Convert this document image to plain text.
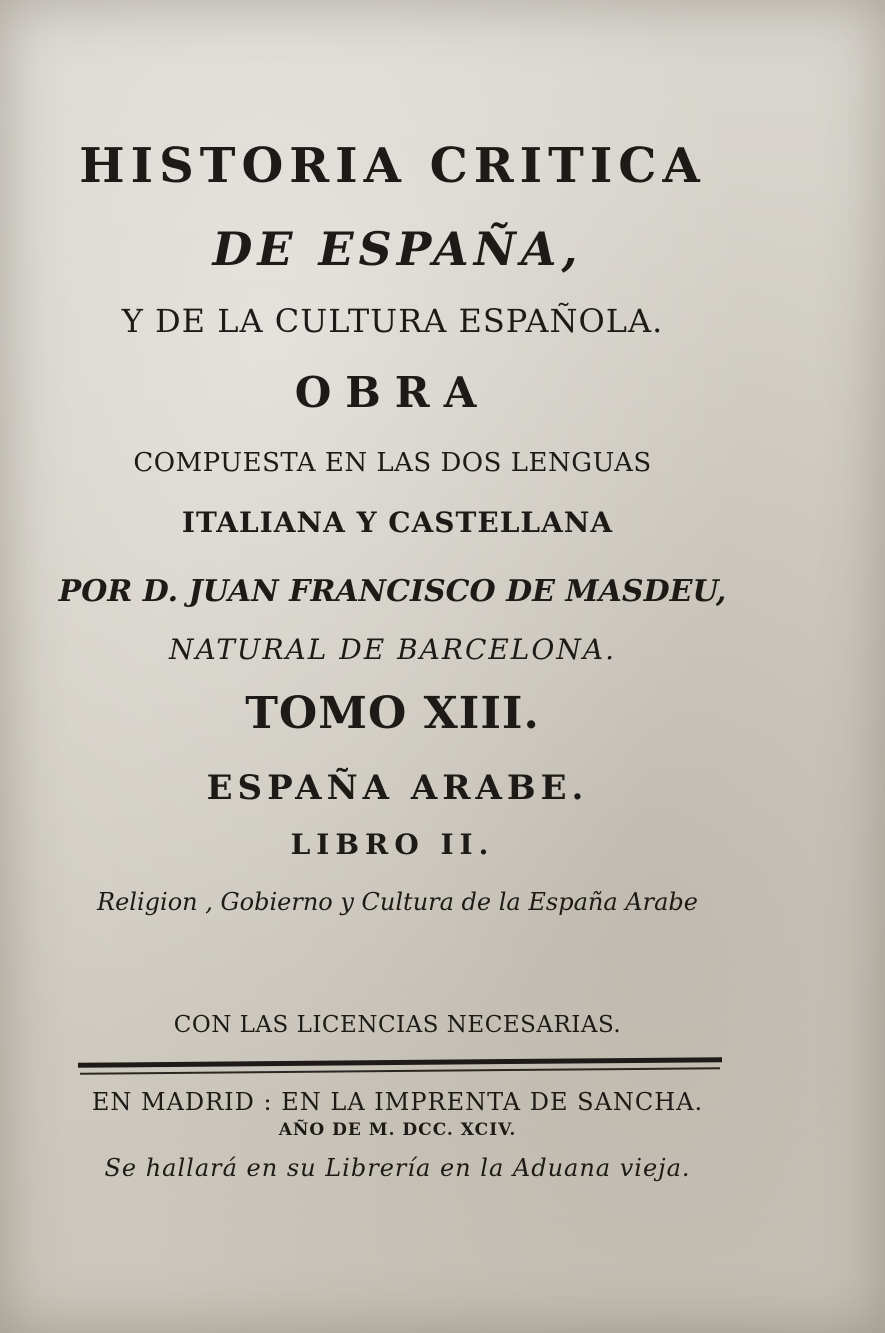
HISTORIA CRITICA
DE ESPAÑA,
Y DE LA CULTURA ESPAÑOLA.
OBRA
COMPUESTA EN LAS DOS LENGUAS
ITALIANA Y CASTELLANA
POR D. JUAN FRANCISCO DE MASDEU,
NATURAL DE BARCELONA.
TOMO XIII.
ESPAÑA ARABE.
LIBRO II.
Religion , Gobierno y Cultura de la España Arabe
CON LAS LICENCIAS NECESARIAS.
EN MADRID : EN LA IMPRENTA DE SANCHA.
AÑO DE M. DCC. XCIV.
Se hallará en su Librería en la Aduana vieja.
